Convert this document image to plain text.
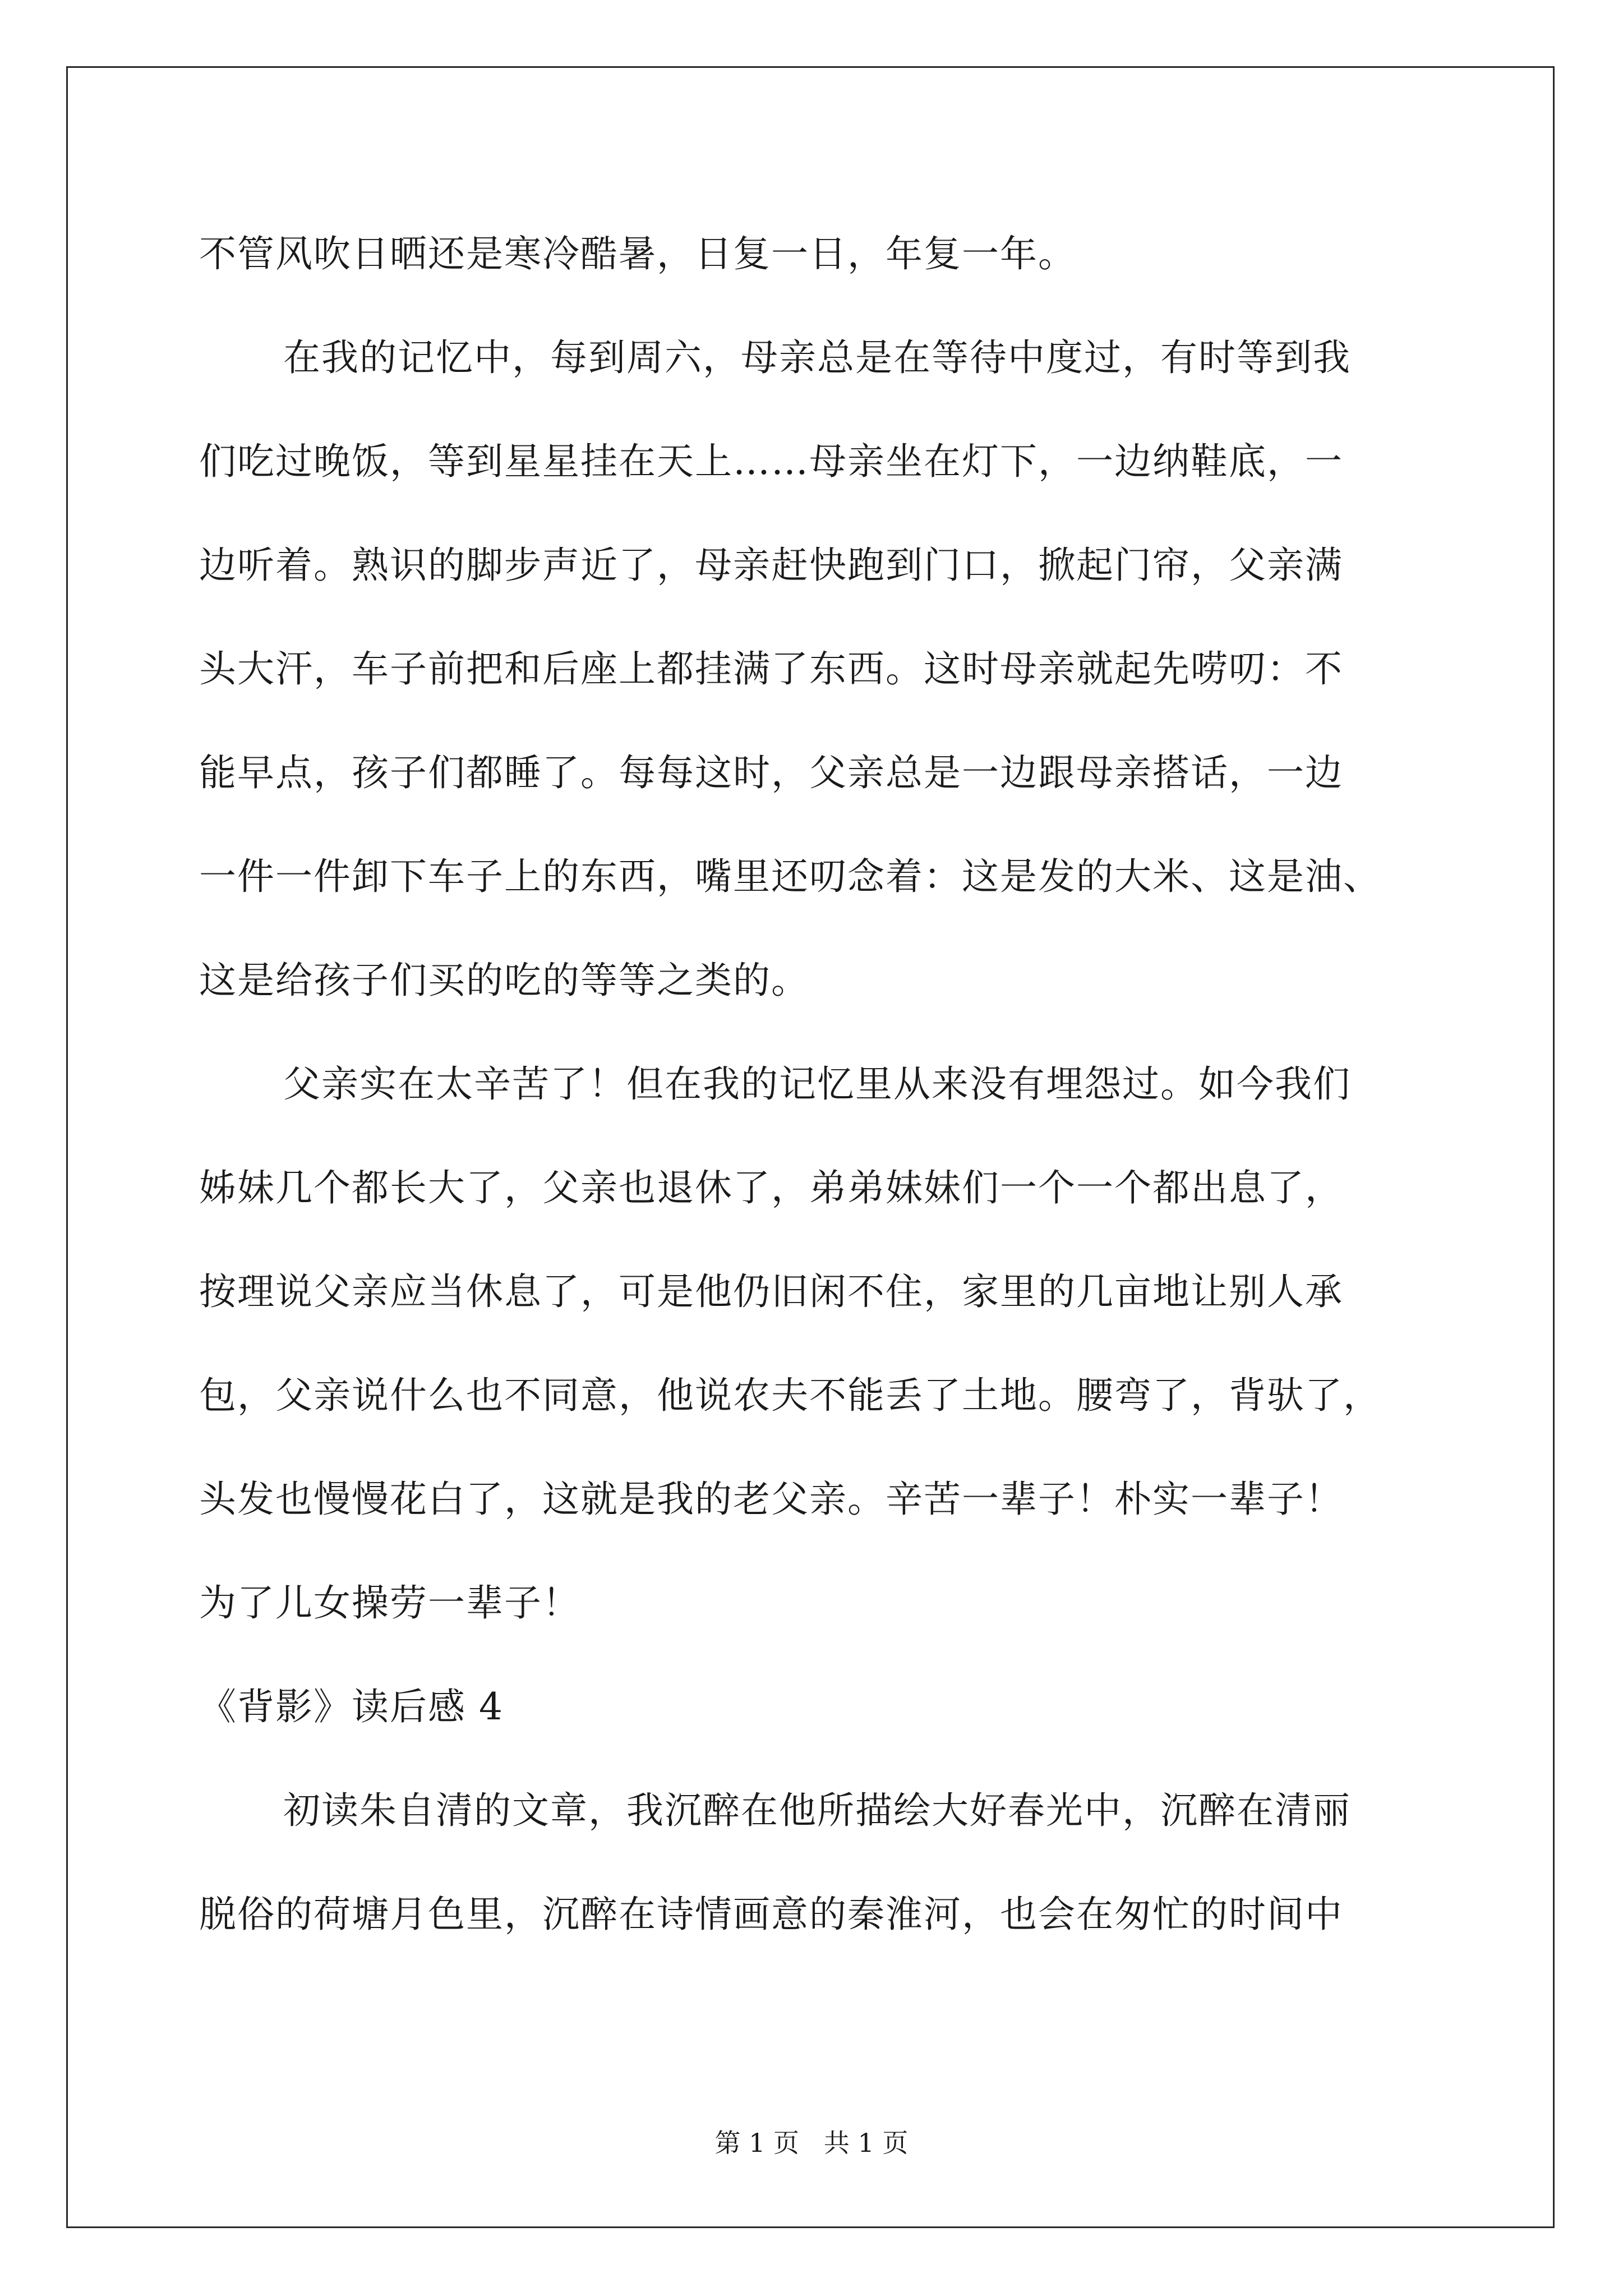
不管风吹日晒还是寒冷酷暑，日复一日，年复一年。
在我的记忆中，每到周六，母亲总是在等待中度过，有时等到我
们吃过晚饭，等到星星挂在天上……母亲坐在灯下，一边纳鞋底，一
边听着。熟识的脚步声近了，母亲赶快跑到门口，掀起门帘，父亲满
头大汗，车子前把和后座上都挂满了东西。这时母亲就起先唠叨：不
能早点，孩子们都睡了。每每这时，父亲总是一边跟母亲搭话，一边
一件一件卸下车子上的东西，嘴里还叨念着：这是发的大米、这是油、
这是给孩子们买的吃的等等之类的。
父亲实在太辛苦了！但在我的记忆里从来没有埋怨过。如今我们
姊妹几个都长大了，父亲也退休了，弟弟妹妹们一个一个都出息了，
按理说父亲应当休息了，可是他仍旧闲不住，家里的几亩地让别人承
包，父亲说什么也不同意，他说农夫不能丢了土地。腰弯了，背驮了，
头发也慢慢花白了，这就是我的老父亲。辛苦一辈子！朴实一辈子！
为了儿女操劳一辈子！
《背影》读后感 4
初读朱自清的文章，我沉醉在他所描绘大好春光中，沉醉在清丽
脱俗的荷塘月色里，沉醉在诗情画意的秦淮河，也会在匆忙的时间中
第 1 页   共 1 页
